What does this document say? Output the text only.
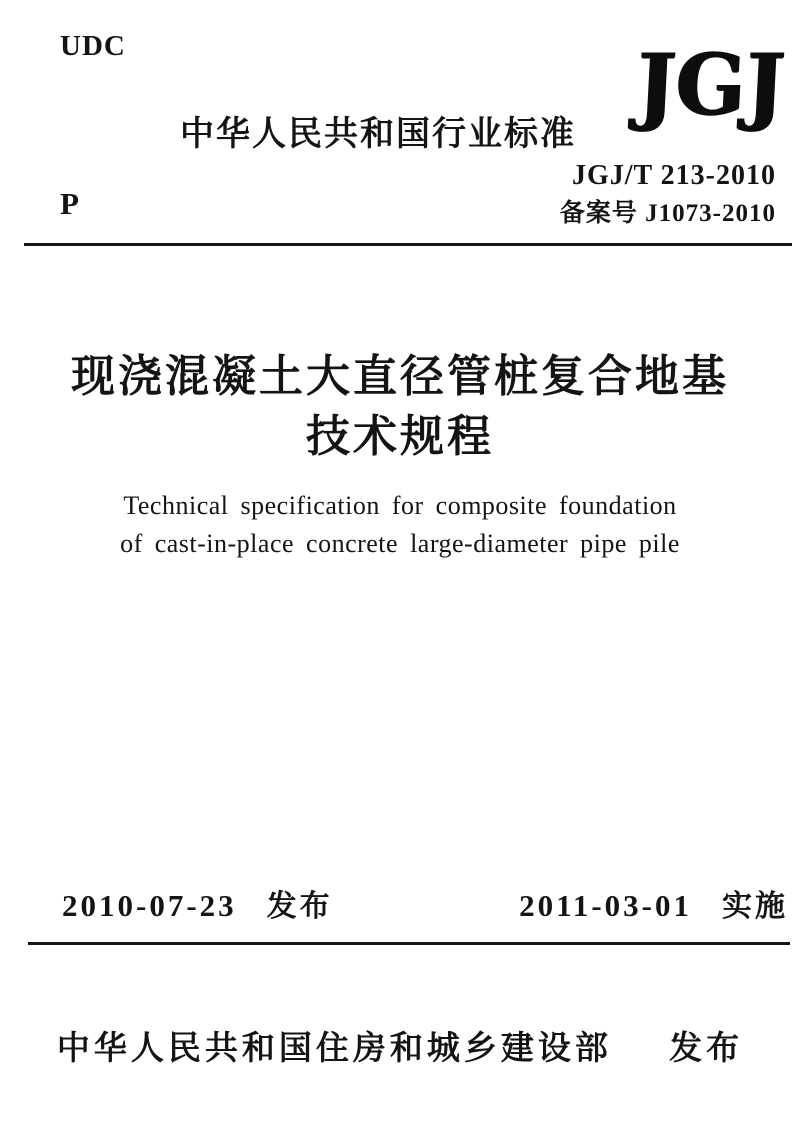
UDC
中华人民共和国行业标准
JGJ
JGJ/T 213-2010
备案号 J1073-2010
P
现浇混凝土大直径管桩复合地基
技术规程
Technical specification for composite foundation
of cast-in-place concrete large-diameter pipe pile
2010-07-23 发布	2011-03-01 实施
中华人民共和国住房和城乡建设部 发布
